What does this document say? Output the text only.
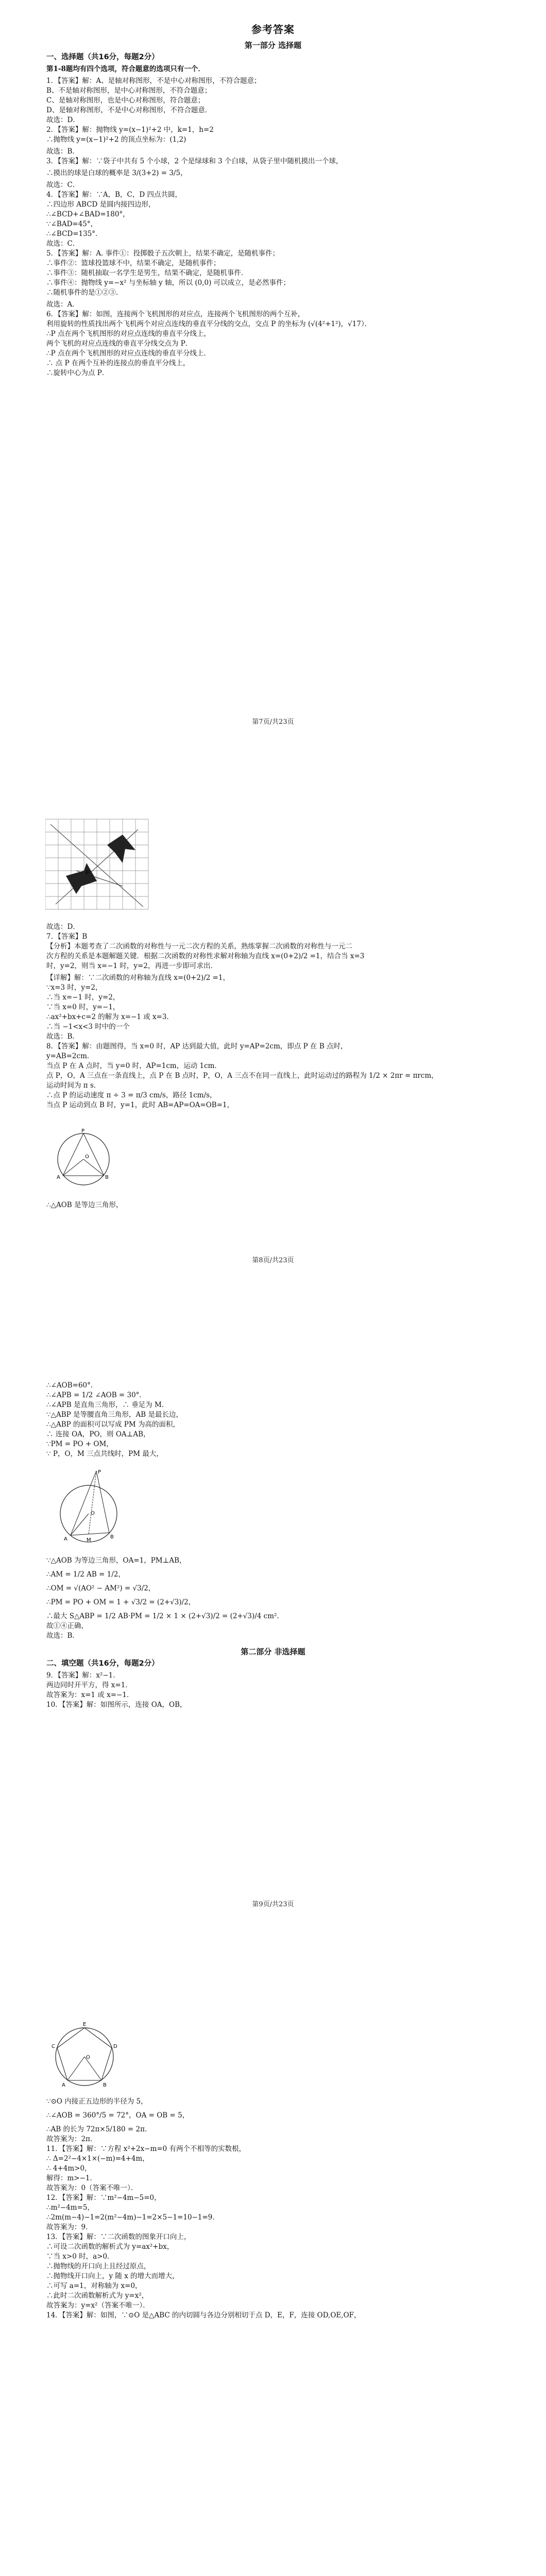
参考答案

第一部分 选择题

一、选择题（共16分，每题2分）

第1-8题均有四个选项，符合题意的选项只有一个．

1．【答案】解：A、是轴对称图形，不是中心对称图形，不符合题意；

B、不是轴对称图形，是中心对称图形，不符合题意；

C、是轴对称图形，也是中心对称图形，符合题意；

D、是轴对称图形，不是中心对称图形，不符合题意．

故选：D．

2．【答案】解：抛物线 y=(x−1)²+2 中，k=1，h=2

∴抛物线 y=(x−1)²+2 的顶点坐标为：(1,2)

故选：B．

3．【答案】解：∵袋子中共有 5 个小球，2 个是绿球和 3 个白球，从袋子里中随机摸出一个球，

∴摸出的球是白球的概率是 3/(3+2) = 3/5，

故选：C．

4．【答案】解：∵A，B，C，D 四点共圆，

∴四边形 ABCD 是圆内接四边形，

∴∠BCD+∠BAD=180°，

∵∠BAD=45°，

∴∠BCD=135°．

故选：C．

5．【答案】解：A. 事件①：投掷骰子五次朝上，结果不确定，是随机事件；

∴事件②：篮球投篮球不中，结果不确定，是随机事件；

∴事件③：随机抽取一名学生是男生，结果不确定，是随机事件．

∴事件④：抛物线 y=−x² 与坐标轴 y 轴，所以 (0,0) 可以成立，是必然事件；

∴随机事件的是①②③．

故选：A．

6．【答案】解：如图，连接两个飞机图形的对应点，连接两个飞机图形的两个互补，

利用旋转的性质找出两个飞机两个对应点连线的垂直平分线的交点，交点 P 的坐标为 (√(4²+1²)，√17）．

∴P 点在两个飞机图形的对应点连线的垂直平分线上，

两个飞机的对应点连线的垂直平分线交点为 P．

∴P 点在两个飞机图形的对应点连线的垂直平分线上．

∴ 点 P 在两个互补的连接点的垂直平分线上，

∴旋转中心为点 P．

第7页/共23页
P

故选：D．

7．【答案】B

【分析】本题考查了二次函数的对称性与一元二次方程的关系，熟练掌握二次函数的对称性与一元二

次方程的关系是本题解题关键．根据二次函数的对称性求解对称轴为直线 x=(0+2)/2 =1，结合当 x=3

时，y=2，则当 x=−1 时，y=2，再进一步即可求出．

【详解】解：∵二次函数的对称轴为直线 x=(0+2)/2 =1，

∵x=3 时，y=2，

∴当 x=−1 时，y=2，

∵当 x=0 时，y=−1，

∴ax²+bx+c=2 的解为 x=−1 或 x=3．

∴当 −1<x<3 时中的一个

故选：B．

8．【答案】解：由题图得，当 x=0 时，AP 达到最大值，此时 y=AP=2cm，即点 P 在 B 点时，

y=AB=2cm．

当点 P 在 A 点时，当 y=0 时，AP=1cm，运动 1cm．

点 P，O，A 三点在一条直线上，点 P 在 B 点时，P，O，A 三点不在同一直线上，此时运动过的路程为 1/2 × 2πr = πrcm，

运动时间为 π s．

∴点 P 的运动速度 π ÷ 3 = π/3 cm/s，路径 1cm/s，

当点 P 运动到点 B 时，y=1，此时 AB=AP=OA=OB=1，

P
O
A	B

∴△AOB 是等边三角形，

第8页/共23页

∴∠AOB=60°．

∴∠APB = 1/2 ∠AOB = 30°．

∴∠APB 是直角三角形，∴ 垂足为 M．

∵△ABP 是等腰直角三角形，AB 是最长边，

∴△ABP 的面积可以写成 PM 为高的面积，

∴ 连接 OA，PO，则 OA⊥AB，

∵PM = PO + OM，

∵ P，O，M 三点共线时，PM 最大，

P
O
A	B
M

∵△AOB 为等边三角形，OA=1，PM⊥AB，

∴AM = 1/2 AB = 1/2，

∴OM = √(AO² − AM²) = √3/2，

∴PM = PO + OM = 1 + √3/2 = (2+√3)/2，

∴最大 S△ABP = 1/2 AB·PM = 1/2 × 1 × (2+√3)/2 = (2+√3)/4 cm²．

故①④正确，

故选：B．

第二部分 非选择题

二、填空题（共16分，每题2分）

9．【答案】解：x²−1．

两边同时开平方，得 x=1．

故答案为：x=1 或 x=−1．

10．【答案】解：如图所示，连接 OA，OB，

第9页/共23页
E
D
B
A
C
O

∵⊙O 内接正五边形的半径为 5，

∴∠AOB = 360°/5 = 72°，OA = OB = 5，

∴AB 的长为 72π×5/180 = 2π．

故答案为：2π．

11．【答案】解：∵方程 x²+2x−m=0 有两个不相等的实数根，

∴ Δ=2²−4×1×(−m)=4+4m，

∴ 4+4m>0，

解得：m>−1．

故答案为：0（答案不唯一）．

12．【答案】解：∵m²−4m−5=0，

∴m²−4m=5，

∴2m(m−4)−1=2(m²−4m)−1=2×5−1=10−1=9．

故答案为：9．

13．【答案】解：∵二次函数的图象开口向上，

∴可设二次函数的解析式为 y=ax²+bx，

∵当 x>0 时，a>0．

∴抛物线的开口向上且经过原点，

∴抛物线开口向上，y 随 x 的增大而增大，

∴可写 a=1，对称轴为 x=0，

∴此时二次函数解析式为 y=x²，

故答案为：y=x²（答案不唯一）．

14．【答案】解：如图，∵⊙O 是△ABC 的内切圆与各边分别相切于点 D，E，F，连接 OD,OE,OF，
